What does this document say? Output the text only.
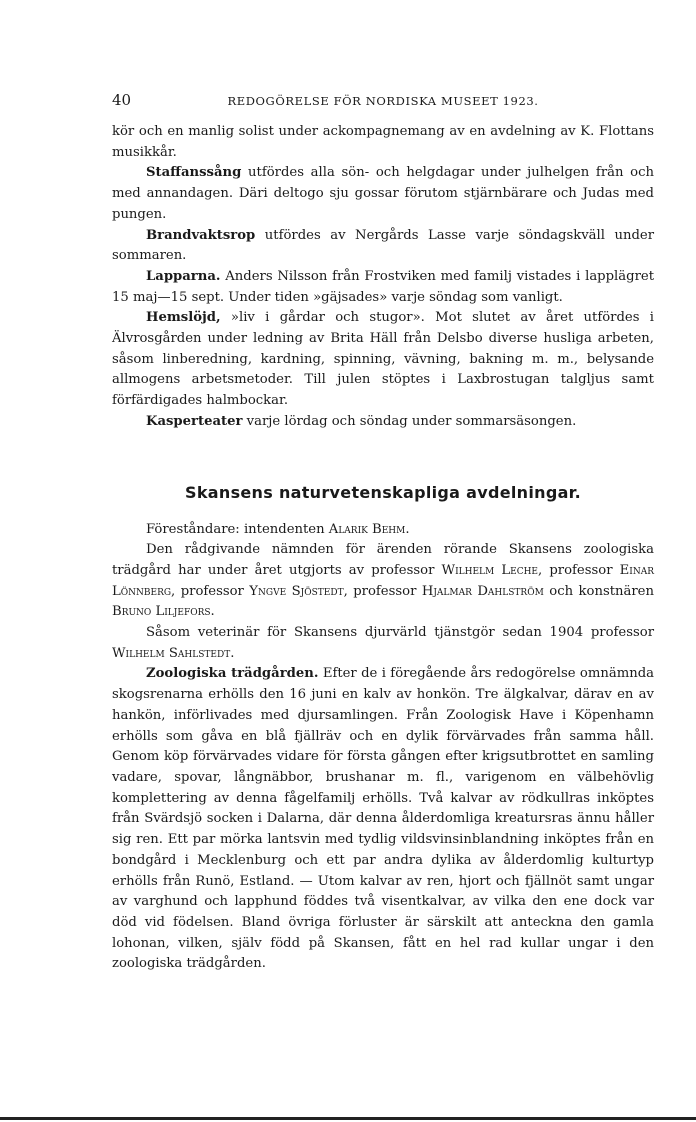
40	REDOGÖRELSE FÖR NORDISKA MUSEET 1923.

kör och en manlig solist under ackompagnemang av en avdelning av K. Flottans musikkår.

Staffanssång utfördes alla sön- och helgdagar under julhelgen från och med annandagen. Däri deltogo sju gossar förutom stjärnbärare och Judas med pungen.

Brandvaktsrop utfördes av Nergårds Lasse varje söndagskväll under sommaren.

Lapparna. Anders Nilsson från Frostviken med familj vistades i lapplägret 15 maj—15 sept. Under tiden »gäjsades» varje söndag som vanligt.

Hemslöjd, »liv i gårdar och stugor». Mot slutet av året utfördes i Älvrosgården under ledning av Brita Häll från Delsbo diverse husliga arbeten, såsom linberedning, kardning, spinning, vävning, bakning m. m., belysande allmogens arbetsmetoder. Till julen stöptes i Laxbrostugan talgljus samt förfärdigades halmbockar.

Kasperteater varje lördag och söndag under sommarsäsongen.

Skansens naturvetenskapliga avdelningar.

Föreståndare: intendenten Alarik Behm.

Den rådgivande nämnden för ärenden rörande Skansens zoologiska trädgård har under året utgjorts av professor Wilhelm Leche, professor Einar Lönnberg, professor Yngve Sjöstedt, professor Hjalmar Dahlström och konstnären Bruno Liljefors.

Såsom veterinär för Skansens djurvärld tjänstgör sedan 1904 professor Wilhelm Sahlstedt.

Zoologiska trädgården. Efter de i föregående års redogörelse omnämnda skogsrenarna erhölls den 16 juni en kalv av honkön. Tre älgkalvar, därav en av hankön, införlivades med djursamlingen. Från Zoologisk Have i Köpenhamn erhölls som gåva en blå fjällräv och en dylik förvärvades från samma håll. Genom köp förvärvades vidare för första gången efter krigsutbrottet en samling vadare, spovar, långnäbbor, brushanar m. fl., varigenom en välbehövlig komplettering av denna fågelfamilj erhölls. Två kalvar av rödkullras inköptes från Svärdsjö socken i Dalarna, där denna ålderdomliga kreatursras ännu håller sig ren. Ett par mörka lantsvin med tydlig vildsvinsinblandning inköptes från en bondgård i Mecklenburg och ett par andra dylika av ålderdomlig kulturtyp erhölls från Runö, Estland. — Utom kalvar av ren, hjort och fjällnöt samt ungar av varghund och lapphund föddes två visentkalvar, av vilka den ene dock var död vid födelsen. Bland övriga förluster är särskilt att anteckna den gamla lohonan, vilken, själv född på Skansen, fått en hel rad kullar ungar i den zoologiska trädgården.
